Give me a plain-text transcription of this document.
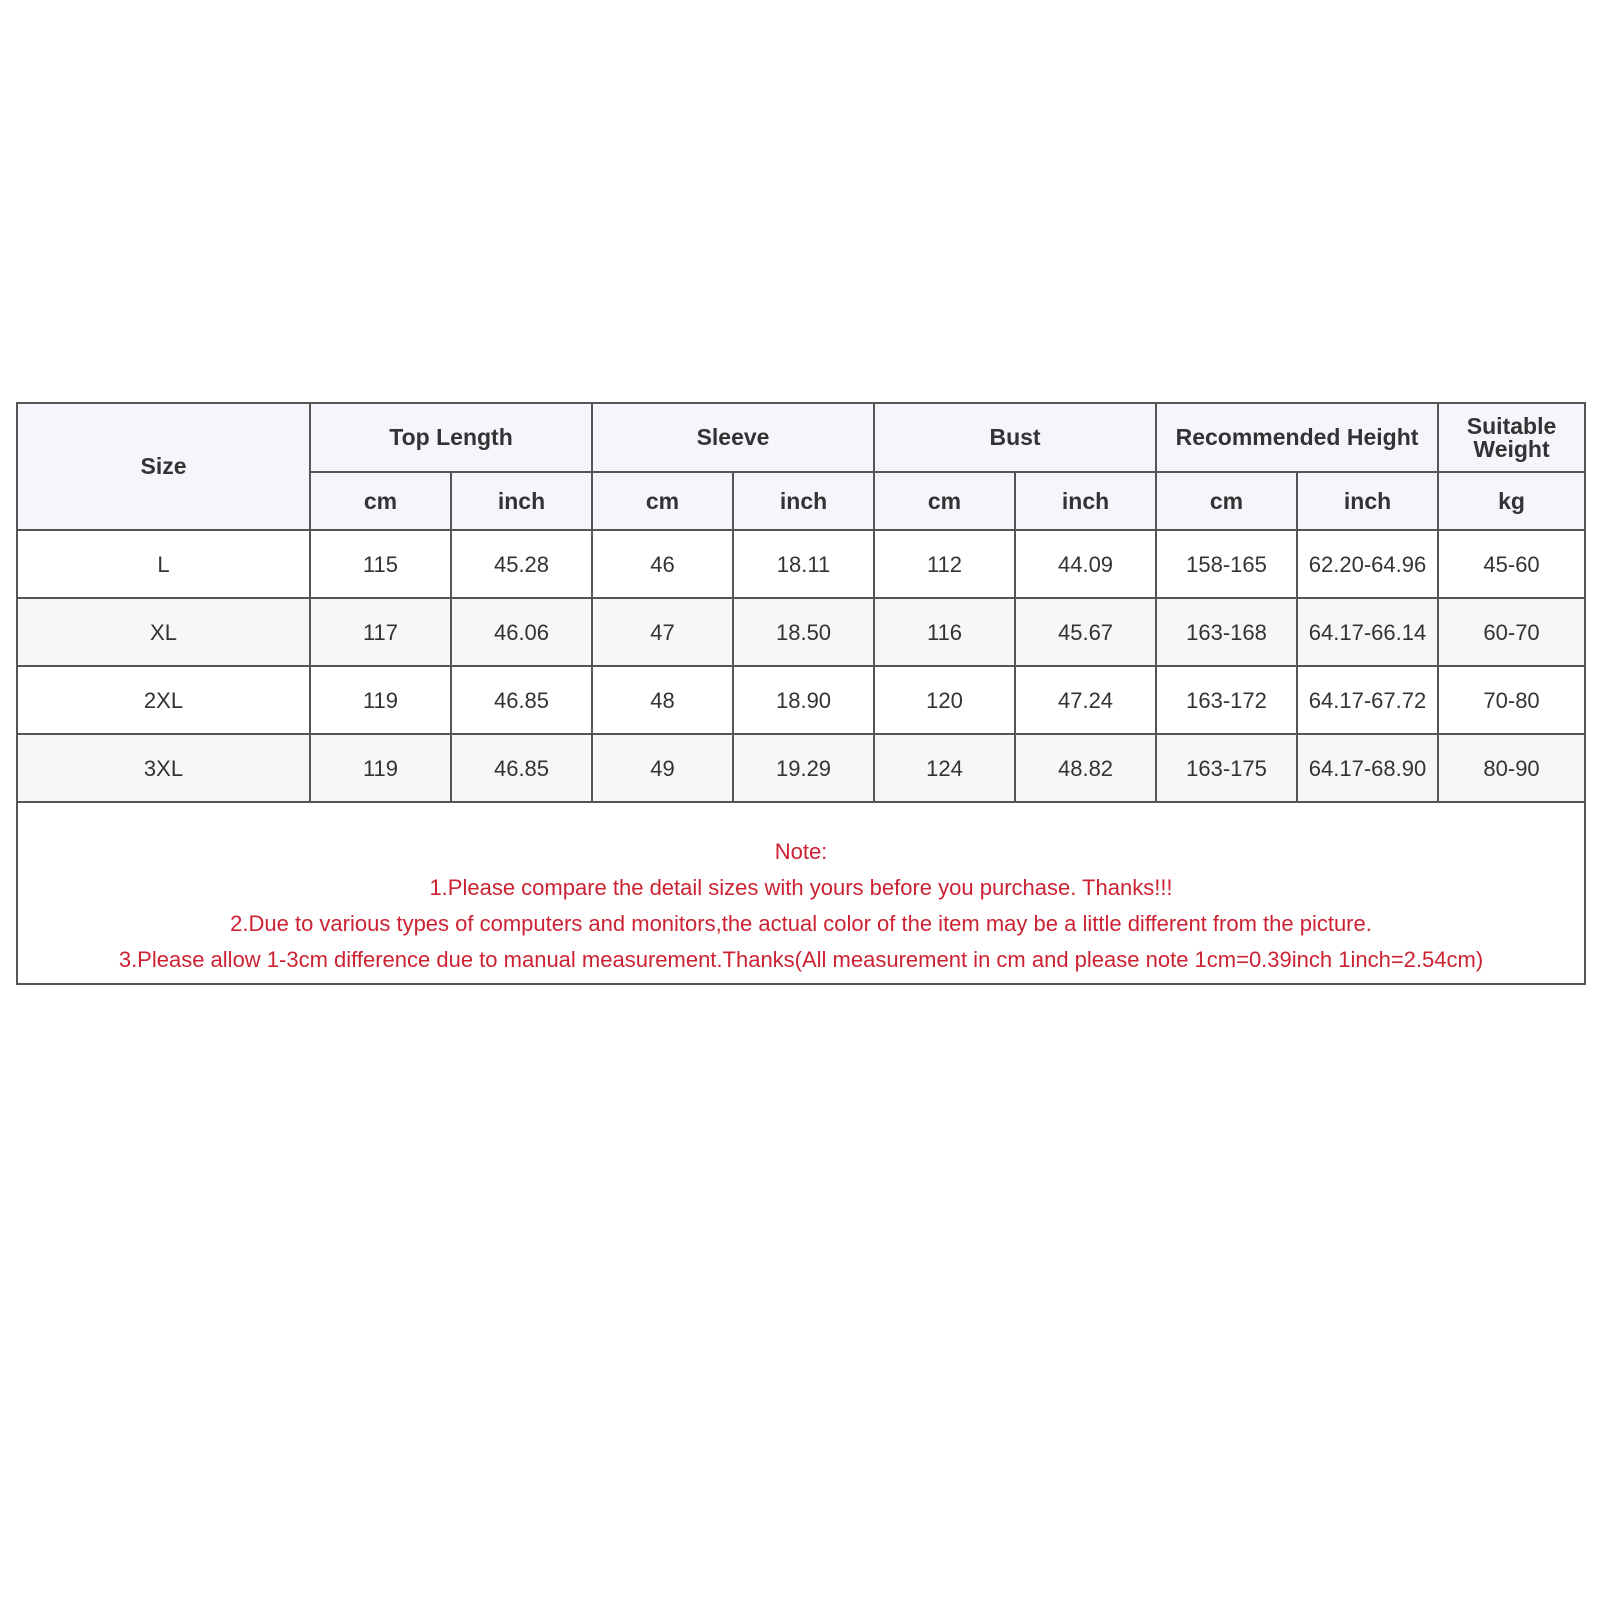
Size	Top Length		Sleeve		Bust		Recommended Height		Suitable Weight
	cm	inch	cm	inch	cm	inch	cm	inch	kg
L	115	45.28	46	18.11	112	44.09	158-165	62.20-64.96	45-60
XL	117	46.06	47	18.50	116	45.67	163-168	64.17-66.14	60-70
2XL	119	46.85	48	18.90	120	47.24	163-172	64.17-67.72	70-80
3XL	119	46.85	49	19.29	124	48.82	163-175	64.17-68.90	80-90
Note:
1.Please compare the detail sizes with yours before you purchase. Thanks!!!
2.Due to various types of computers and monitors,the actual color of the item may be a little different from the picture.
3.Please allow 1-3cm difference due to manual measurement.Thanks(All measurement in cm and please note 1cm=0.39inch 1inch=2.54cm)
